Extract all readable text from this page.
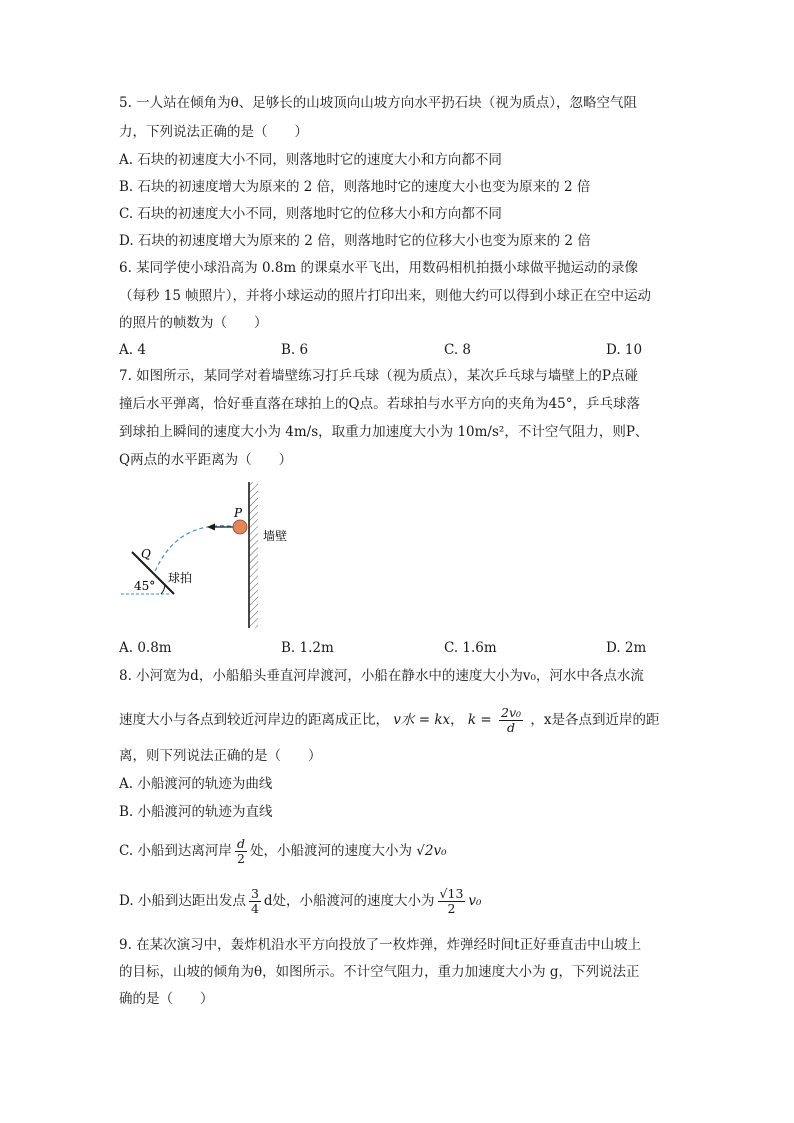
5. 一人站在倾角为θ、足够长的山坡顶向山坡方向水平扔石块（视为质点），忽略空气阻
力，下列说法正确的是（　　）
A. 石块的初速度大小不同，则落地时它的速度大小和方向都不同
B. 石块的初速度增大为原来的 2 倍，则落地时它的速度大小也变为原来的 2 倍
C. 石块的初速度大小不同，则落地时它的位移大小和方向都不同
D. 石块的初速度增大为原来的 2 倍，则落地时它的位移大小也变为原来的 2 倍
6. 某同学使小球沿高为 0.8m 的课桌水平飞出，用数码相机拍摄小球做平抛运动的录像
（每秒 15 帧照片），并将小球运动的照片打印出来，则他大约可以得到小球正在空中运动
的照片的帧数为（　　）
A. 4	B. 6	C. 8	D. 10
7. 如图所示，某同学对着墙壁练习打乒乓球（视为质点），某次乒乓球与墙壁上的P点碰
撞后水平弹离，恰好垂直落在球拍上的Q点。若球拍与水平方向的夹角为45°，乒乓球落
到球拍上瞬间的速度大小为 4m/s，取重力加速度大小为 10m/s²，不计空气阻力，则P、
Q两点的水平距离为（　　）
P
Q
墙壁
球拍
45°
A. 0.8m	B. 1.2m	C. 1.6m	D. 2m
8. 小河宽为d，小船船头垂直河岸渡河，小船在静水中的速度大小为v₀，河水中各点水流
速度大小与各点到较近河岸边的距离成正比， v水 = kx， $k = \frac{\text{2v₀}}{d}$ ，x是各点到近岸的距
离，则下列说法正确的是（　　）
A. 小船渡河的轨迹为曲线
B. 小船渡河的轨迹为直线
C. 小船到达离河岸 $\frac{d}{2}$ 处，小船渡河的速度大小为 √2v₀
D. 小船到达距出发点 $\frac{3}{4}$ d处，小船渡河的速度大小为 $\frac{√13}{2} v_0$
9. 在某次演习中，轰炸机沿水平方向投放了一枚炸弹，炸弹经时间t正好垂直击中山坡上
的目标，山坡的倾角为θ，如图所示。不计空气阻力，重力加速度大小为 g，下列说法正
确的是（　　）
